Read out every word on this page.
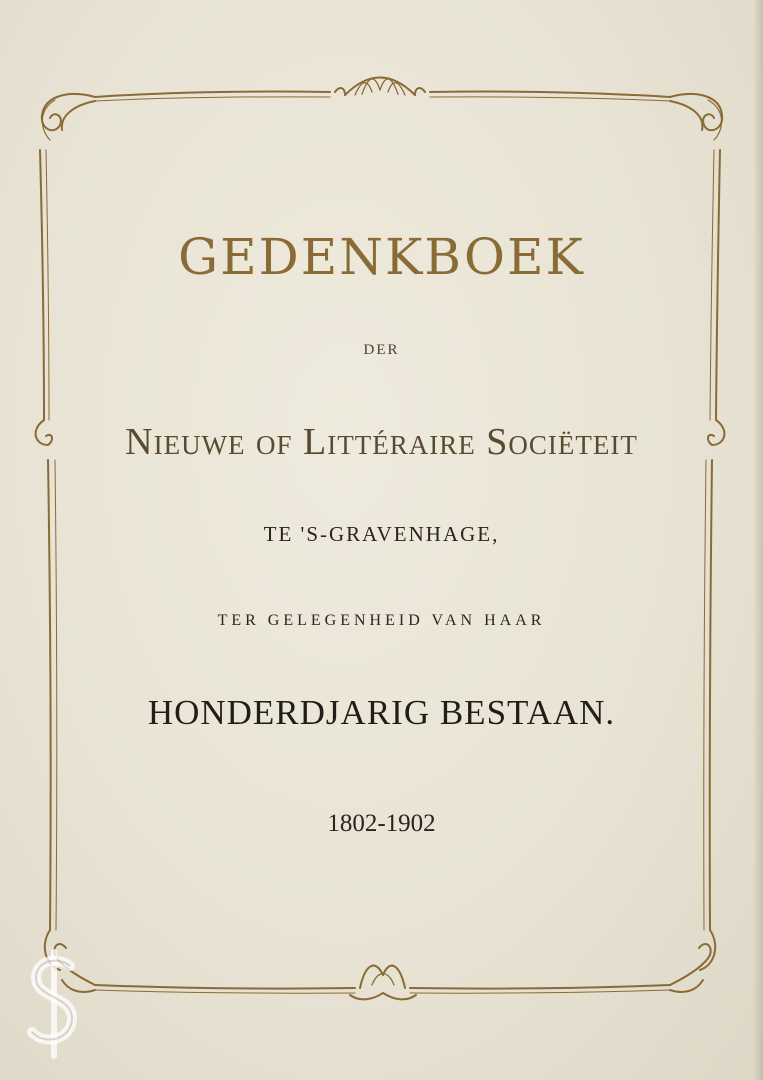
GEDENKBOEK
DER
Nieuwe of Littéraire Sociëteit
TE 'S-GRAVENHAGE,
TER GELEGENHEID VAN HAAR
HONDERDJARIG BESTAAN.
1802-1902
